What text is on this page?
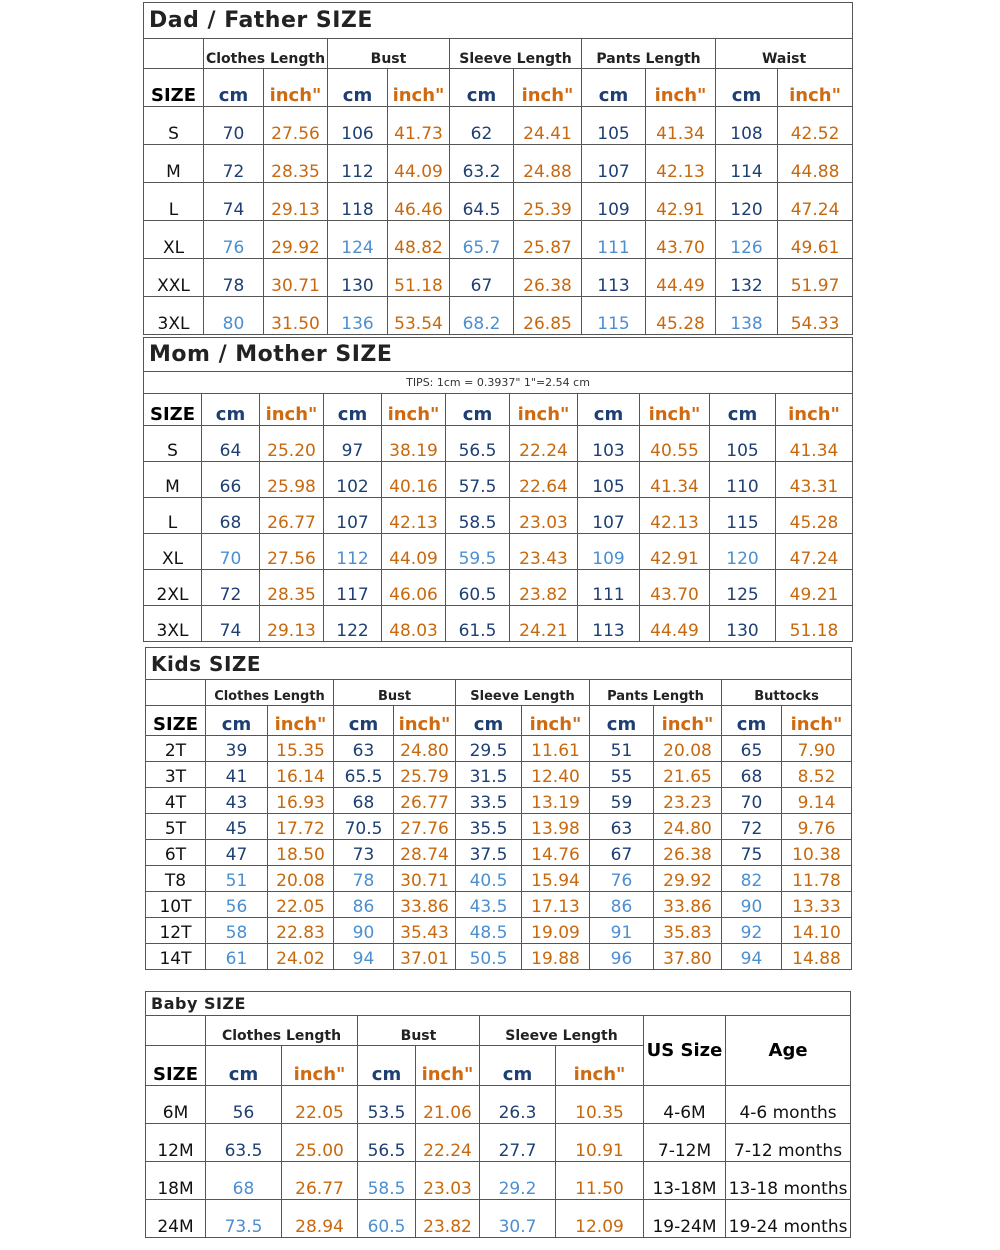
Dad / Father SIZE										
	Clothes Length		Bust		Sleeve Length		Pants Length		Waist	
SIZE	cm	inch"	cm	inch"	cm	inch"	cm	inch"	cm	inch"
S	70	27.56	106	41.73	62	24.41	105	41.34	108	42.52
M	72	28.35	112	44.09	63.2	24.88	107	42.13	114	44.88
L	74	29.13	118	46.46	64.5	25.39	109	42.91	120	47.24
XL	76	29.92	124	48.82	65.7	25.87	111	43.70	126	49.61
XXL	78	30.71	130	51.18	67	26.38	113	44.49	132	51.97
3XL	80	31.50	136	53.54	68.2	26.85	115	45.28	138	54.33
Mom / Mother SIZE										
TIPS: 1cm = 0.3937" 1"=2.54 cm										
SIZE	cm	inch"	cm	inch"	cm	inch"	cm	inch"	cm	inch"
S	64	25.20	97	38.19	56.5	22.24	103	40.55	105	41.34
M	66	25.98	102	40.16	57.5	22.64	105	41.34	110	43.31
L	68	26.77	107	42.13	58.5	23.03	107	42.13	115	45.28
XL	70	27.56	112	44.09	59.5	23.43	109	42.91	120	47.24
2XL	72	28.35	117	46.06	60.5	23.82	111	43.70	125	49.21
3XL	74	29.13	122	48.03	61.5	24.21	113	44.49	130	51.18
Kids SIZE										
	Clothes Length		Bust		Sleeve Length		Pants Length		Buttocks	
SIZE	cm	inch"	cm	inch"	cm	inch"	cm	inch"	cm	inch"
2T	39	15.35	63	24.80	29.5	11.61	51	20.08	65	7.90
3T	41	16.14	65.5	25.79	31.5	12.40	55	21.65	68	8.52
4T	43	16.93	68	26.77	33.5	13.19	59	23.23	70	9.14
5T	45	17.72	70.5	27.76	35.5	13.98	63	24.80	72	9.76
6T	47	18.50	73	28.74	37.5	14.76	67	26.38	75	10.38
T8	51	20.08	78	30.71	40.5	15.94	76	29.92	82	11.78
10T	56	22.05	86	33.86	43.5	17.13	86	33.86	90	13.33
12T	58	22.83	90	35.43	48.5	19.09	91	35.83	92	14.10
14T	61	24.02	94	37.01	50.5	19.88	96	37.80	94	14.88
Baby SIZE								
	Clothes Length		Bust		Sleeve Length		US Size	Age
SIZE	cm	inch"	cm	inch"	cm	inch"		
6M	56	22.05	53.5	21.06	26.3	10.35	4-6M	4-6 months
12M	63.5	25.00	56.5	22.24	27.7	10.91	7-12M	7-12 months
18M	68	26.77	58.5	23.03	29.2	11.50	13-18M	13-18 months
24M	73.5	28.94	60.5	23.82	30.7	12.09	19-24M	19-24 months
